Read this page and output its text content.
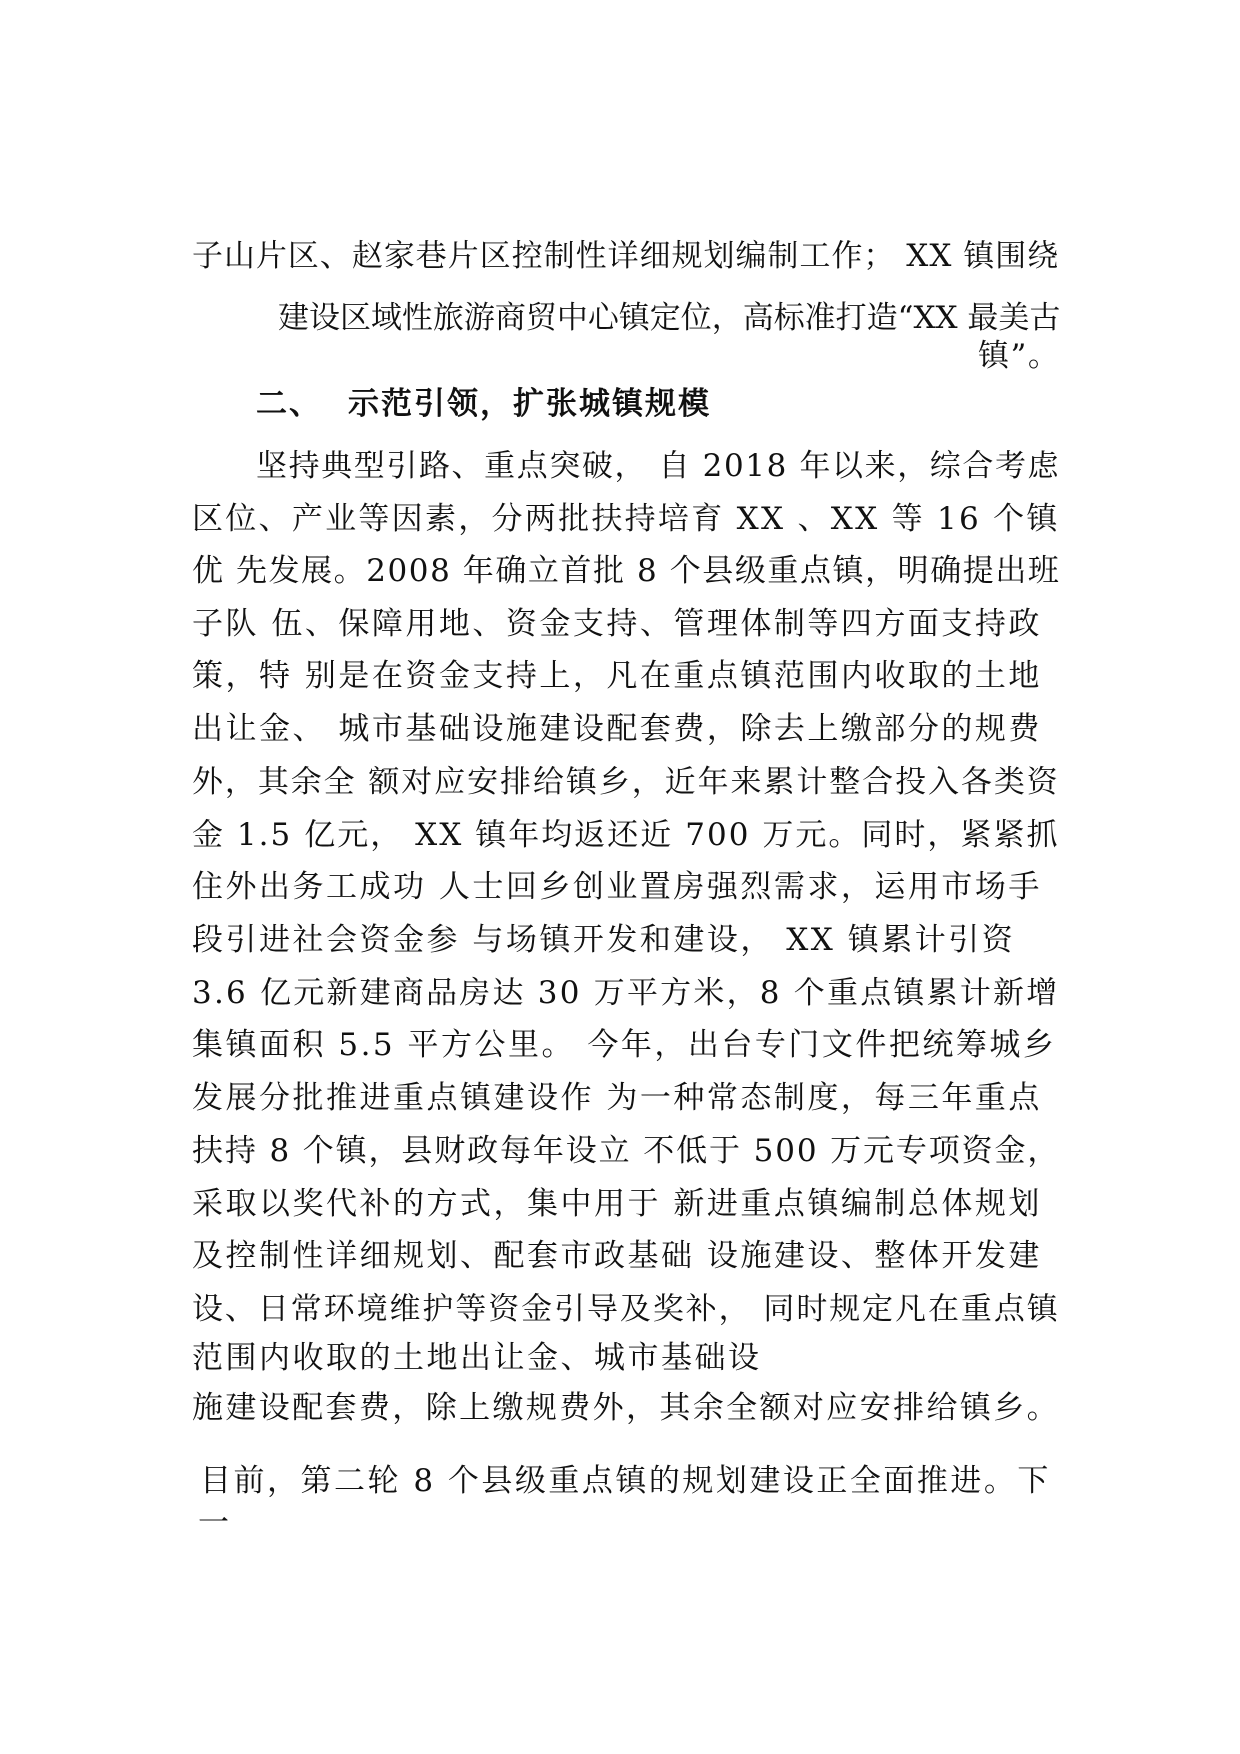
子山片区、赵家巷片区控制性详细规划编制工作； XX 镇围绕
建设区域性旅游商贸中心镇定位，高标准打造“XX 最美古
镇”。
二、 示范引领，扩张城镇规模
坚持典型引路、重点突破， 自 2018 年以来，综合考虑
区位、产业等因素，分两批扶持培育 XX 、XX 等 16 个镇
优 先发展。2008 年确立首批 8 个县级重点镇，明确提出班
子队 伍、保障用地、资金支持、管理体制等四方面支持政
策，特 别是在资金支持上，凡在重点镇范围内收取的土地
出让金、 城市基础设施建设配套费，除去上缴部分的规费
外，其余全 额对应安排给镇乡，近年来累计整合投入各类资
金 1.5 亿元， XX 镇年均返还近 700 万元。同时，紧紧抓
住外出务工成功 人士回乡创业置房强烈需求，运用市场手
段引进社会资金参 与场镇开发和建设， XX 镇累计引资
3.6 亿元新建商品房达 30 万平方米，8 个重点镇累计新增
集镇面积 5.5 平方公里。 今年，出台专门文件把统筹城乡
发展分批推进重点镇建设作 为一种常态制度，每三年重点
扶持 8 个镇，县财政每年设立 不低于 500 万元专项资金，
采取以奖代补的方式，集中用于 新进重点镇编制总体规划
及控制性详细规划、配套市政基础 设施建设、整体开发建
设、日常环境维护等资金引导及奖补， 同时规定凡在重点镇
范围内收取的土地出让金、城市基础设
施建设配套费，除上缴规费外，其余全额对应安排给镇乡。
目前，第二轮 8 个县级重点镇的规划建设正全面推进。下
一
